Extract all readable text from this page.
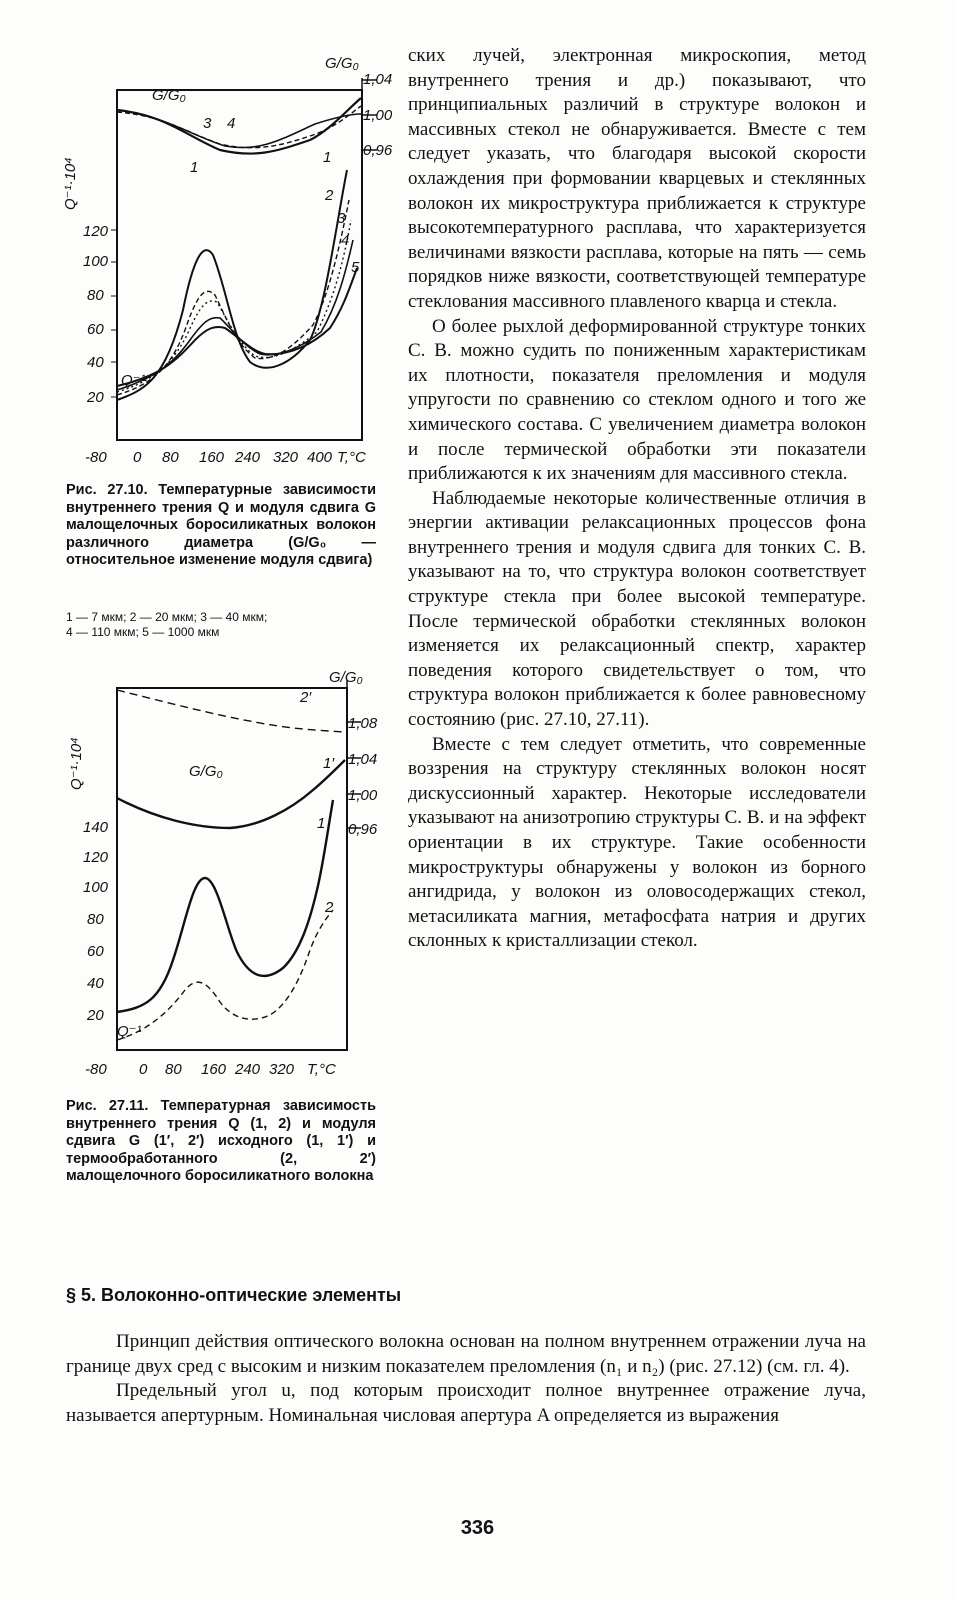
G/G₀
1,04
1,00
0,96
Q⁻¹·10⁴
120
100
80
60
40
20
-80 0 80 160 240 320 400 T,°C
G/G₀
Q⁻¹
1
2
3
4
5
1
3 4
Рис. 27.10. Температурные зависимости внутреннего трения Q и модуля сдвига G малощелочных боросиликатных волокон различного диаметра (G/G₀ — относительное изменение модуля сдвига)
1 — 7 мкм; 2 — 20 мкм; 3 — 40 мкм;
4 — 110 мкм; 5 — 1000 мкм
G/G₀
1,08
1,04
1,00
0,96
Q⁻¹·10⁴
140
120
100
80
60
40
20
-80 0 80 160 240 320 T,°C
G/G₀
Q⁻¹
2′
1′
1
2
Рис. 27.11. Температурная зависимость внутреннего трения Q (1, 2) и модуля сдвига G (1′, 2′) исходного (1, 1′) и термообработанного (2, 2′) малощелочного боросиликатного волокна

ских лучей, электронная микроскопия, метод внутреннего трения и др.) показывают, что принципиальных различий в структуре волокон и массивных стекол не обнаруживается. Вместе с тем следует указать, что благодаря высокой скорости охлаждения при формовании кварцевых и стеклянных волокон их микроструктура приближается к структуре высокотемпературного расплава, что характеризуется величинами вязкости расплава, которые на пять — семь порядков ниже вязкости, соответствующей температуре стеклования массивного плавленого кварца и стекла.

О более рыхлой деформированной структуре тонких С. В. можно судить по пониженным характеристикам их плотности, показателя преломления и модуля упругости по сравнению со стеклом одного и того же химического состава. С увеличением диаметра волокон и после термической обработки эти показатели приближаются к их значениям для массивного стекла.

Наблюдаемые некоторые количественные отличия в энергии активации релаксационных процессов фона внутреннего трения и модуля сдвига для тонких С. В. указывают на то, что структура волокон соответствует структуре стекла при более высокой температуре. После термической обработки стеклянных волокон изменяется их релаксационный спектр, характер поведения которого свидетельствует о том, что структура волокон приближается к более равновесному состоянию (рис. 27.10, 27.11).

Вместе с тем следует отметить, что современные воззрения на структуру стеклянных волокон носят дискуссионный характер. Некоторые исследователи указывают на анизотропию структуры С. В. и на эффект ориентации в их структуре. Такие особенности микроструктуры обнаружены у волокон из борного ангидрида, у волокон из оловосодержащих стекол, метасиликата магния, метафосфата натрия и других склонных к кристаллизации стекол.

§ 5. Волоконно-оптические элементы

Принцип действия оптического волокна основан на полном внутреннем отражении луча на границе двух сред с высоким и низким показателем преломления (n₁ и n₂) (рис. 27.12) (см. гл. 4).

Предельный угол u, под которым происходит полное внутреннее отражение луча, называется апертурным. Номинальная числовая апертура A определяется из выражения

336
